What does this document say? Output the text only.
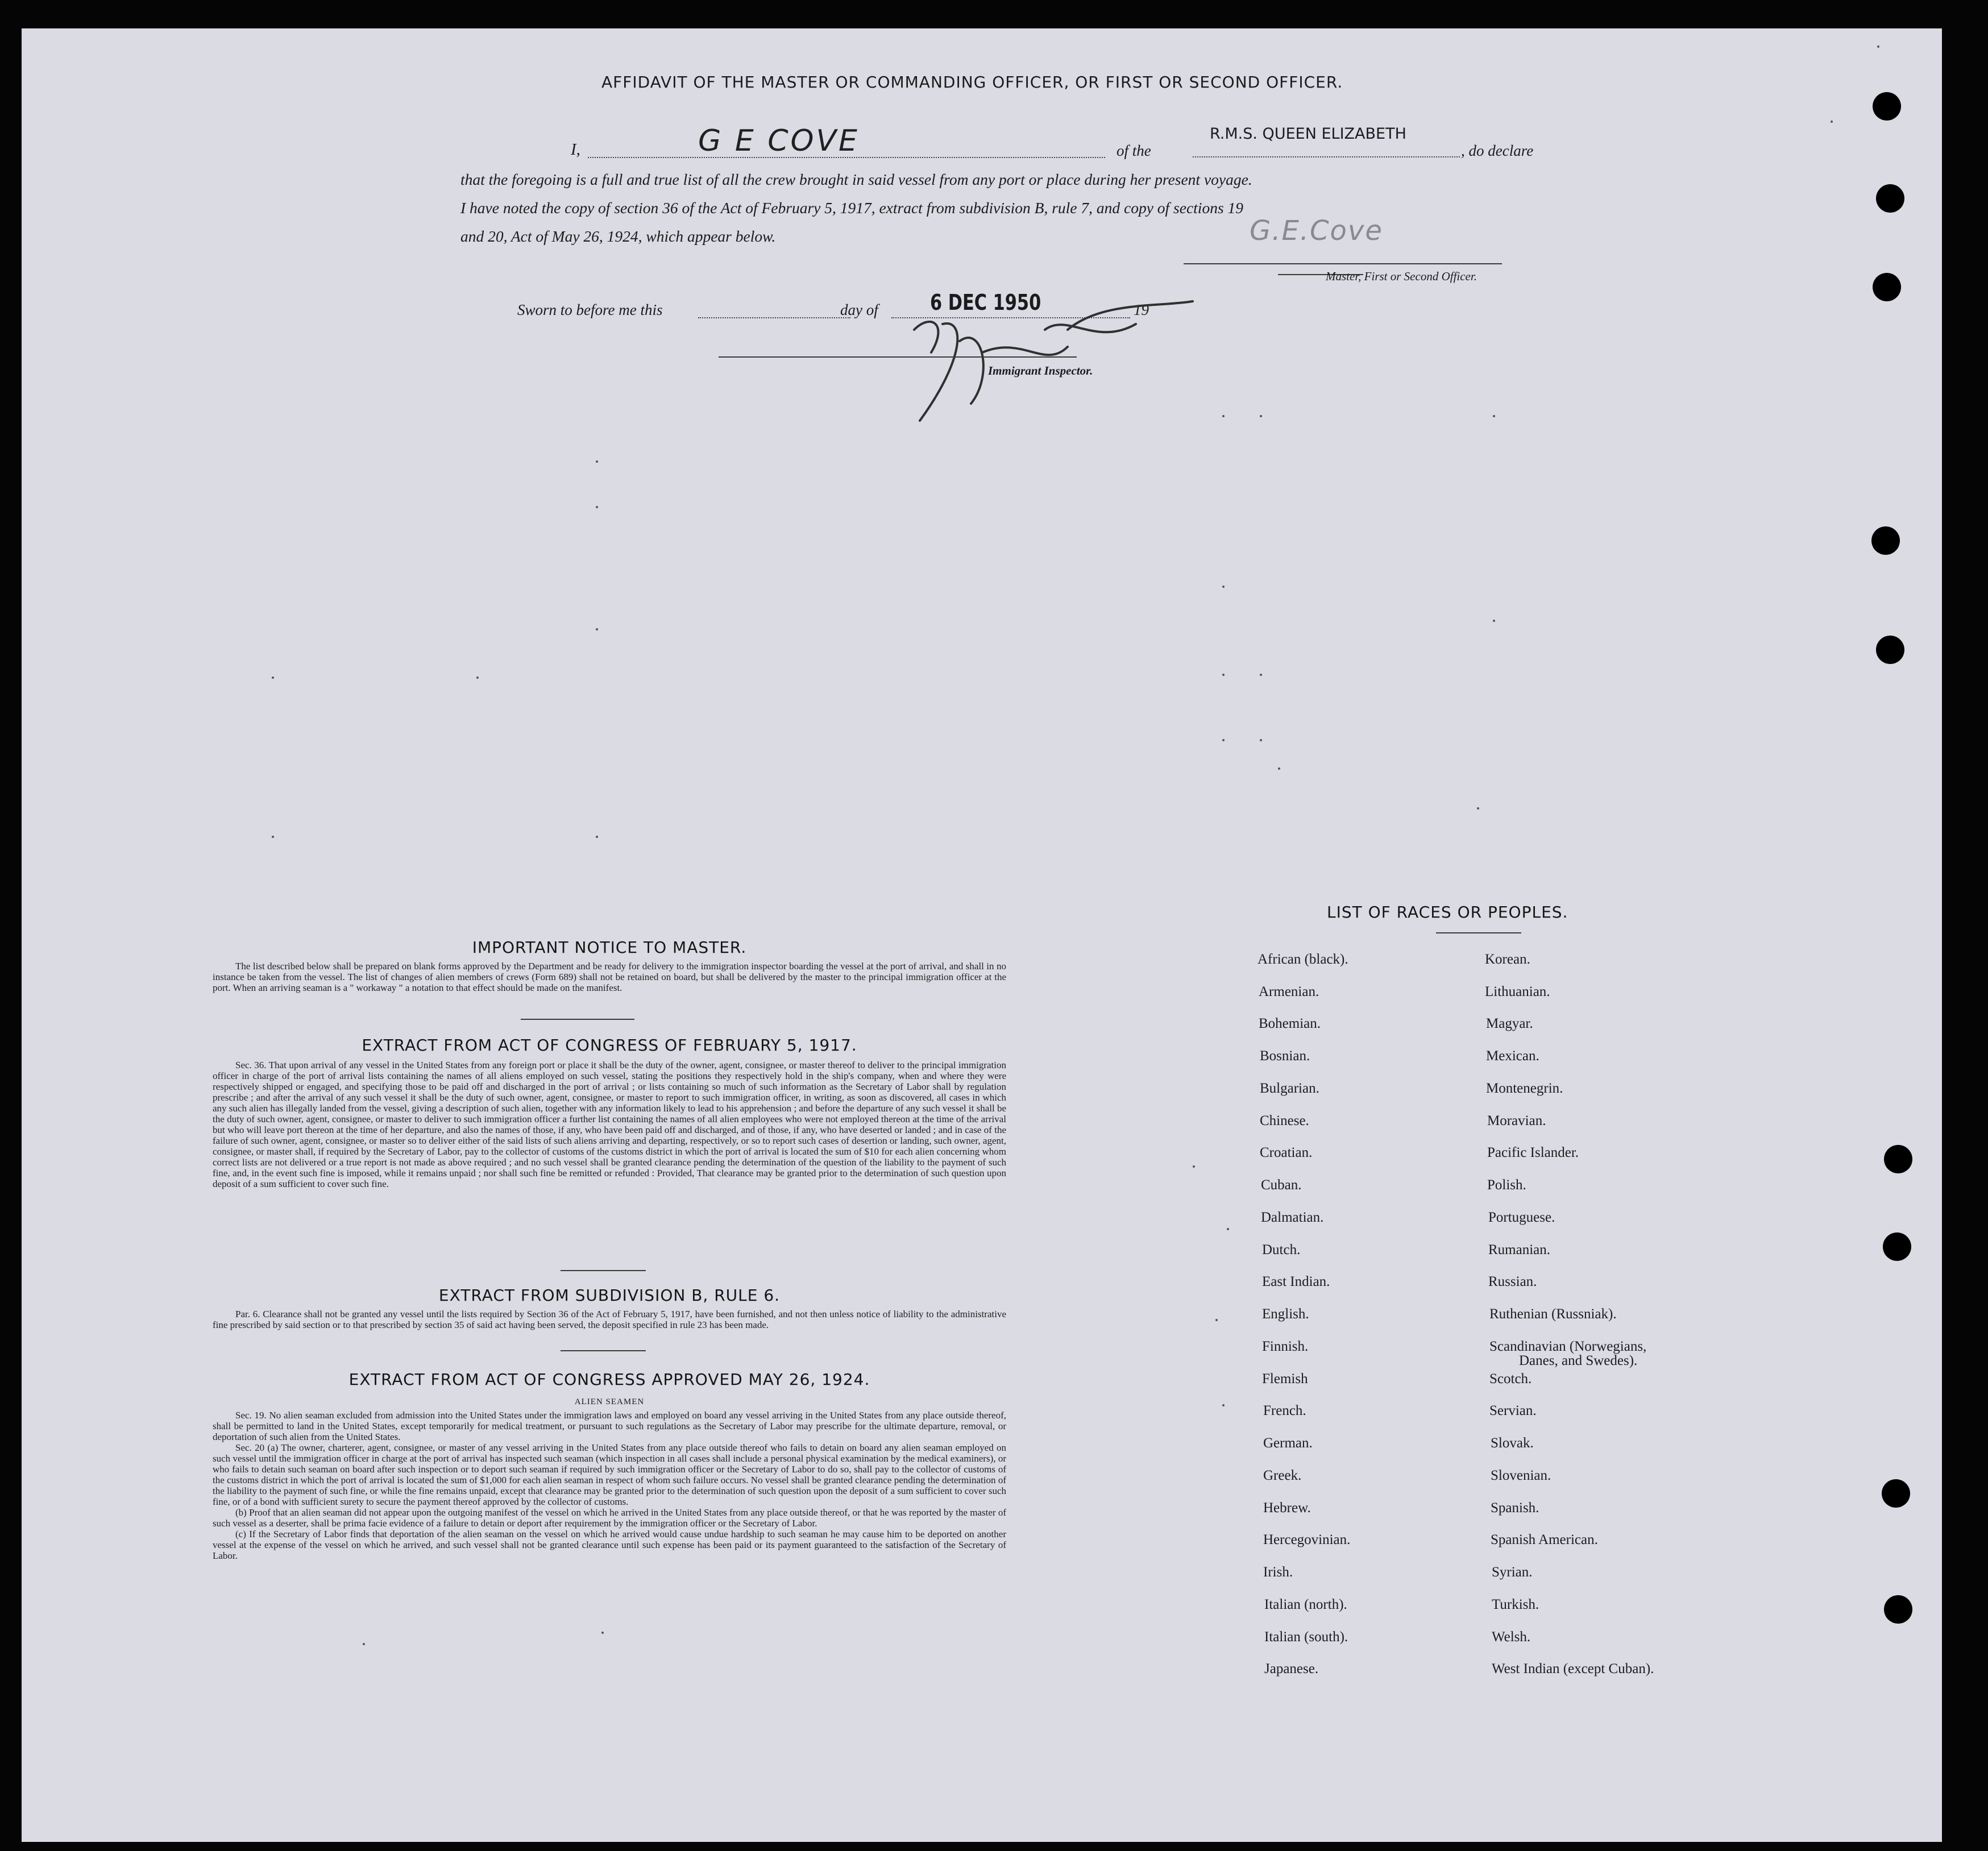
AFFIDAVIT OF THE MASTER OR COMMANDING OFFICER, OR FIRST OR SECOND OFFICER.
I,	G E COVE	of the
R.M.S. QUEEN ELIZABETH
, do declare
that the foregoing is a full and true list of all the crew brought in said vessel from any port or place during her present voyage.
I have noted the copy of section 36 of the Act of February 5, 1917, extract from subdivision B, rule 7, and copy of sections 19
and 20, Act of May 26, 1924, which appear below.	G.E.Cove
Master, First or Second Officer.
Sworn to before me this	day of 6 DEC 1950	19
Immigrant Inspector.
IMPORTANT NOTICE TO MASTER.

The list described below shall be prepared on blank forms approved by the Department and be ready for delivery to the immigration inspector boarding the vessel at the port of arrival, and shall in no instance be taken from the vessel. The list of changes of alien members of crews (Form 689) shall not be retained on board, but shall be delivered by the master to the principal immigration officer at the port. When an arriving seaman is a " workaway " a notation to that effect should be made on the manifest.

EXTRACT FROM ACT OF CONGRESS OF FEBRUARY 5, 1917.

Sec. 36. That upon arrival of any vessel in the United States from any foreign port or place it shall be the duty of the owner, agent, consignee, or master thereof to deliver to the principal immigration officer in charge of the port of arrival lists containing the names of all aliens employed on such vessel, stating the positions they respectively hold in the ship's company, when and where they were respectively shipped or engaged, and specifying those to be paid off and discharged in the port of arrival ; or lists containing so much of such information as the Secretary of Labor shall by regulation prescribe ; and after the arrival of any such vessel it shall be the duty of such owner, agent, consignee, or master to report to such immigration officer, in writing, as soon as discovered, all cases in which any such alien has illegally landed from the vessel, giving a description of such alien, together with any information likely to lead to his apprehension ; and before the departure of any such vessel it shall be the duty of such owner, agent, consignee, or master to deliver to such immigration officer a further list containing the names of all alien employees who were not employed thereon at the time of the arrival but who will leave port thereon at the time of her departure, and also the names of those, if any, who have been paid off and discharged, and of those, if any, who have deserted or landed ; and in case of the failure of such owner, agent, consignee, or master so to deliver either of the said lists of such aliens arriving and departing, respectively, or so to report such cases of desertion or landing, such owner, agent, consignee, or master shall, if required by the Secretary of Labor, pay to the collector of customs of the customs district in which the port of arrival is located the sum of $10 for each alien concerning whom correct lists are not delivered or a true report is not made as above required ; and no such vessel shall be granted clearance pending the determination of the question of the liability to the payment of such fine, and, in the event such fine is imposed, while it remains unpaid ; nor shall such fine be remitted or refunded : Provided, That clearance may be granted prior to the determination of such question upon deposit of a sum sufficient to cover such fine.

EXTRACT FROM SUBDIVISION B, RULE 6.

Par. 6. Clearance shall not be granted any vessel until the lists required by Section 36 of the Act of February 5, 1917, have been furnished, and not then unless notice of liability to the administrative fine prescribed by said section or to that prescribed by section 35 of said act having been served, the deposit specified in rule 23 has been made.

EXTRACT FROM ACT OF CONGRESS APPROVED MAY 26, 1924.
ALIEN SEAMEN

Sec. 19. No alien seaman excluded from admission into the United States under the immigration laws and employed on board any vessel arriving in the United States from any place outside thereof, shall be permitted to land in the United States, except temporarily for medical treatment, or pursuant to such regulations as the Secretary of Labor may prescribe for the ultimate departure, removal, or deportation of such alien from the United States.

Sec. 20 (a) The owner, charterer, agent, consignee, or master of any vessel arriving in the United States from any place outside thereof who fails to detain on board any alien seaman employed on such vessel until the immigration officer in charge at the port of arrival has inspected such seaman (which inspection in all cases shall include a personal physical examination by the medical examiners), or who fails to detain such seaman on board after such inspection or to deport such seaman if required by such immigration officer or the Secretary of Labor to do so, shall pay to the collector of customs of the customs district in which the port of arrival is located the sum of $1,000 for each alien seaman in respect of whom such failure occurs. No vessel shall be granted clearance pending the determination of the liability to the payment of such fine, or while the fine remains unpaid, except that clearance may be granted prior to the determination of such question upon the deposit of a sum sufficient to cover such fine, or of a bond with sufficient surety to secure the payment thereof approved by the collector of customs.

(b) Proof that an alien seaman did not appear upon the outgoing manifest of the vessel on which he arrived in the United States from any place outside thereof, or that he was reported by the master of such vessel as a deserter, shall be prima facie evidence of a failure to detain or deport after requirement by the immigration officer or the Secretary of Labor.

(c) If the Secretary of Labor finds that deportation of the alien seaman on the vessel on which he arrived would cause undue hardship to such seaman he may cause him to be deported on another vessel at the expense of the vessel on which he arrived, and such vessel shall not be granted clearance until such expense has been paid or its payment guaranteed to the satisfaction of the Secretary of Labor.

LIST OF RACES OR PEOPLES.
African (black).
Armenian.
Bohemian.
Bosnian.
Bulgarian.
Chinese.
Croatian.
Cuban.
Dalmatian.
Dutch.
East Indian.
English.
Finnish.
Flemish
French.
German.
Greek.
Hebrew.
Hercegovinian.
Irish.
Italian (north).
Italian (south).
Japanese.
Korean.
Lithuanian.
Magyar.
Mexican.
Montenegrin.
Moravian.
Pacific Islander.
Polish.
Portuguese.
Rumanian.
Russian.
Ruthenian (Russniak).
Scandinavian (Norwegians,
Danes, and Swedes).
Scotch.
Servian.
Slovak.
Slovenian.
Spanish.
Spanish American.
Syrian.
Turkish.
Welsh.
West Indian (except Cuban).
